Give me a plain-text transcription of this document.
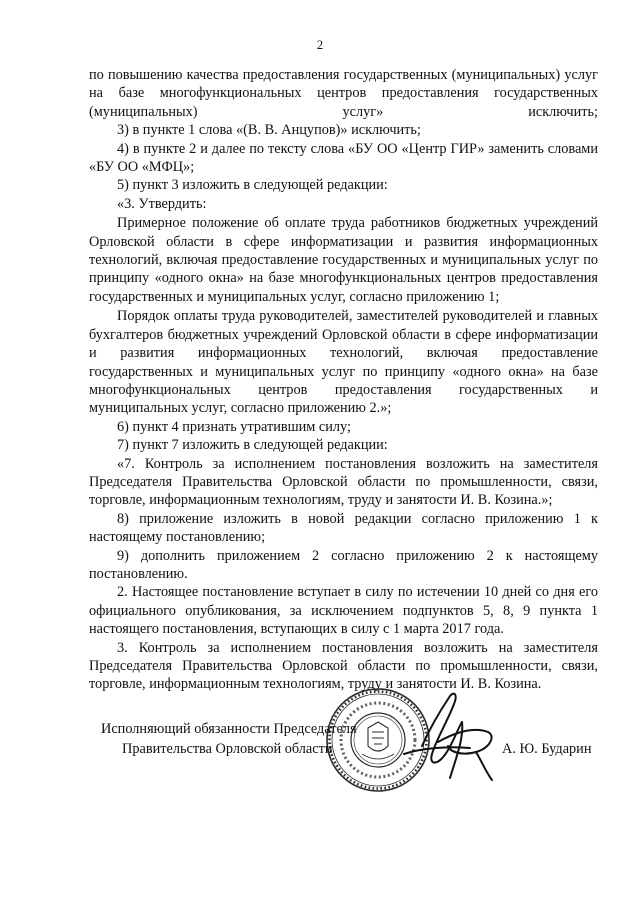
2

по повышению качества предоставления государственных (муниципальных) услуг на базе многофункциональных центров предоставления государственных (муниципальных) услуг» исключить;

3) в пункте 1 слова «(В. В. Анцупов)» исключить;

4) в пункте 2 и далее по тексту слова «БУ ОО «Центр ГИР» заменить словами «БУ ОО «МФЦ»;

5) пункт 3 изложить в следующей редакции:

«3. Утвердить:

Примерное положение об оплате труда работников бюджетных учреждений Орловской области в сфере информатизации и развития информационных технологий, включая предоставление государственных и муниципальных услуг по принципу «одного окна» на базе многофункциональных центров предоставления государственных и муниципальных услуг, согласно приложению 1;

Порядок оплаты труда руководителей, заместителей руководителей и главных бухгалтеров бюджетных учреждений Орловской области в сфере информатизации и развития информационных технологий, включая предоставление государственных и муниципальных услуг по принципу «одного окна» на базе многофункциональных центров предоставления государственных и муниципальных услуг, согласно приложению 2.»;

6) пункт 4 признать утратившим силу;

7) пункт 7 изложить в следующей редакции:

«7. Контроль за исполнением постановления возложить на заместителя Председателя Правительства Орловской области по промышленности, связи, торговле, информационным технологиям, труду и занятости И. В. Козина.»;

8) приложение изложить в новой редакции согласно приложению 1 к настоящему постановлению;

9) дополнить приложением 2 согласно приложению 2 к настоящему постановлению.

2. Настоящее постановление вступает в силу по истечении 10 дней со дня его официального опубликования, за исключением подпунктов 5, 8, 9 пункта 1 настоящего постановления, вступающих в силу с 1 марта 2017 года.

3. Контроль за исполнением постановления возложить на заместителя Председателя Правительства Орловской области по промышленности, связи, торговле, информационным технологиям, труду и занятости И. В. Козина.

Исполняющий обязанности Председателя
Правительства Орловской области	А. Ю. Бударин
